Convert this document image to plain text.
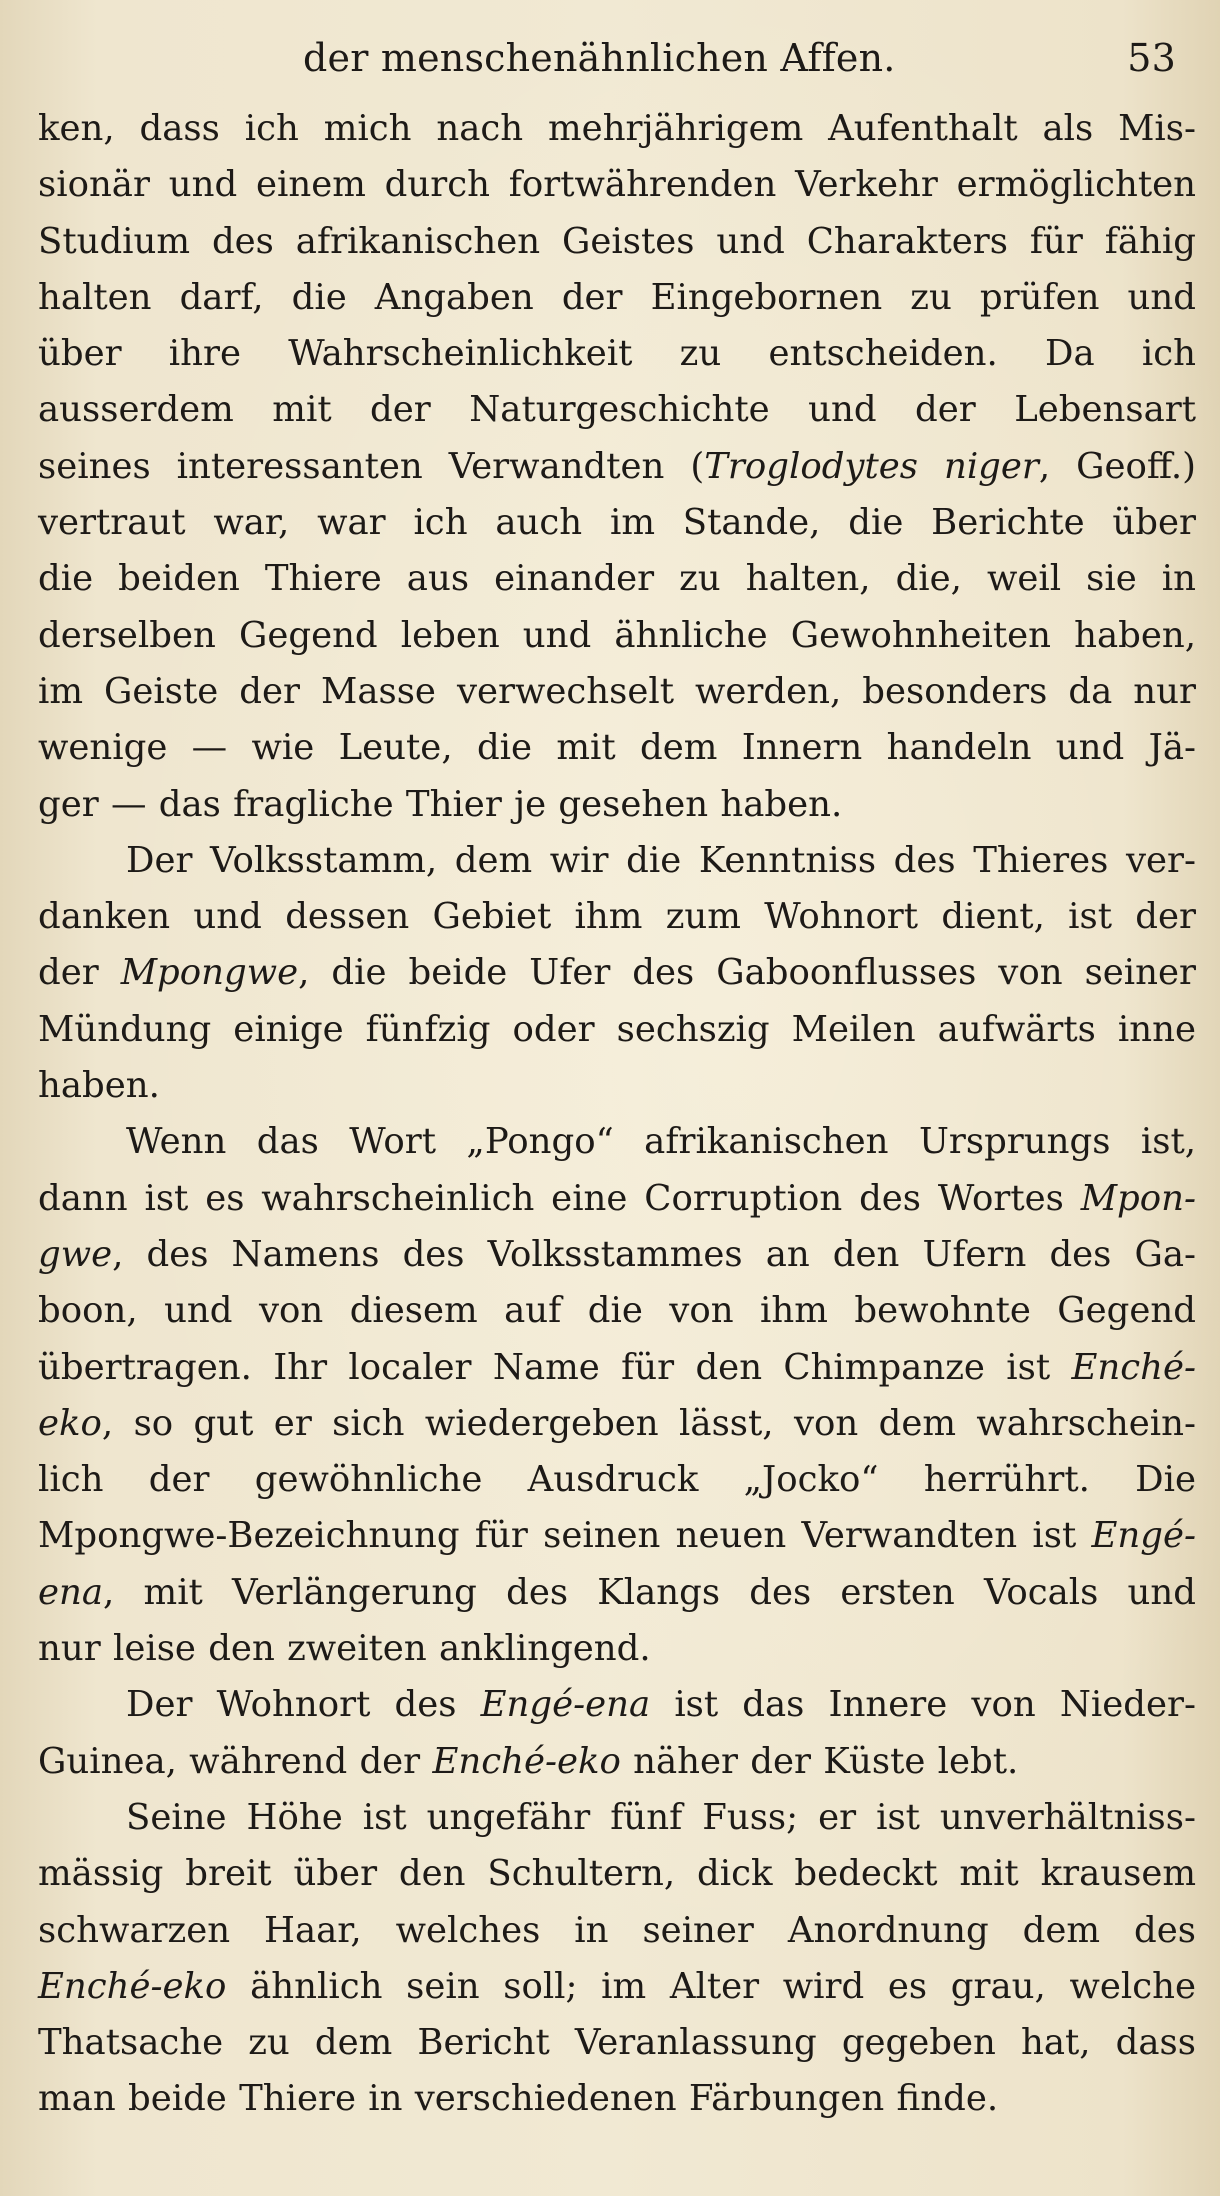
der menschenähnlichen Affen.	53
ken, dass ich mich nach mehrjährigem Aufenthalt als Mis-
sionär und einem durch fortwährenden Verkehr ermöglichten
Studium des afrikanischen Geistes und Charakters für fähig
halten darf, die Angaben der Eingebornen zu prüfen und
über ihre Wahrscheinlichkeit zu entscheiden. Da ich
ausserdem mit der Naturgeschichte und der Lebensart
seines interessanten Verwandten (Troglodytes niger, Geoff.)
vertraut war, war ich auch im Stande, die Berichte über
die beiden Thiere aus einander zu halten, die, weil sie in
derselben Gegend leben und ähnliche Gewohnheiten haben,
im Geiste der Masse verwechselt werden, besonders da nur
wenige — wie Leute, die mit dem Innern handeln und Jä-
ger — das fragliche Thier je gesehen haben.
Der Volksstamm, dem wir die Kenntniss des Thieres ver-
danken und dessen Gebiet ihm zum Wohnort dient, ist der
der Mpongwe, die beide Ufer des Gaboonflusses von seiner
Mündung einige fünfzig oder sechszig Meilen aufwärts inne
haben.
Wenn das Wort „Pongo“ afrikanischen Ursprungs ist,
dann ist es wahrscheinlich eine Corruption des Wortes Mpon-
gwe, des Namens des Volksstammes an den Ufern des Ga-
boon, und von diesem auf die von ihm bewohnte Gegend
übertragen. Ihr localer Name für den Chimpanze ist Enché-
eko, so gut er sich wiedergeben lässt, von dem wahrschein-
lich der gewöhnliche Ausdruck „Jocko“ herrührt. Die
Mpongwe-Bezeichnung für seinen neuen Verwandten ist Engé-
ena, mit Verlängerung des Klangs des ersten Vocals und
nur leise den zweiten anklingend.
Der Wohnort des Engé-ena ist das Innere von Nieder-
Guinea, während der Enché-eko näher der Küste lebt.
Seine Höhe ist ungefähr fünf Fuss; er ist unverhältniss-
mässig breit über den Schultern, dick bedeckt mit krausem
schwarzen Haar, welches in seiner Anordnung dem des
Enché-eko ähnlich sein soll; im Alter wird es grau, welche
Thatsache zu dem Bericht Veranlassung gegeben hat, dass
man beide Thiere in verschiedenen Färbungen finde.
